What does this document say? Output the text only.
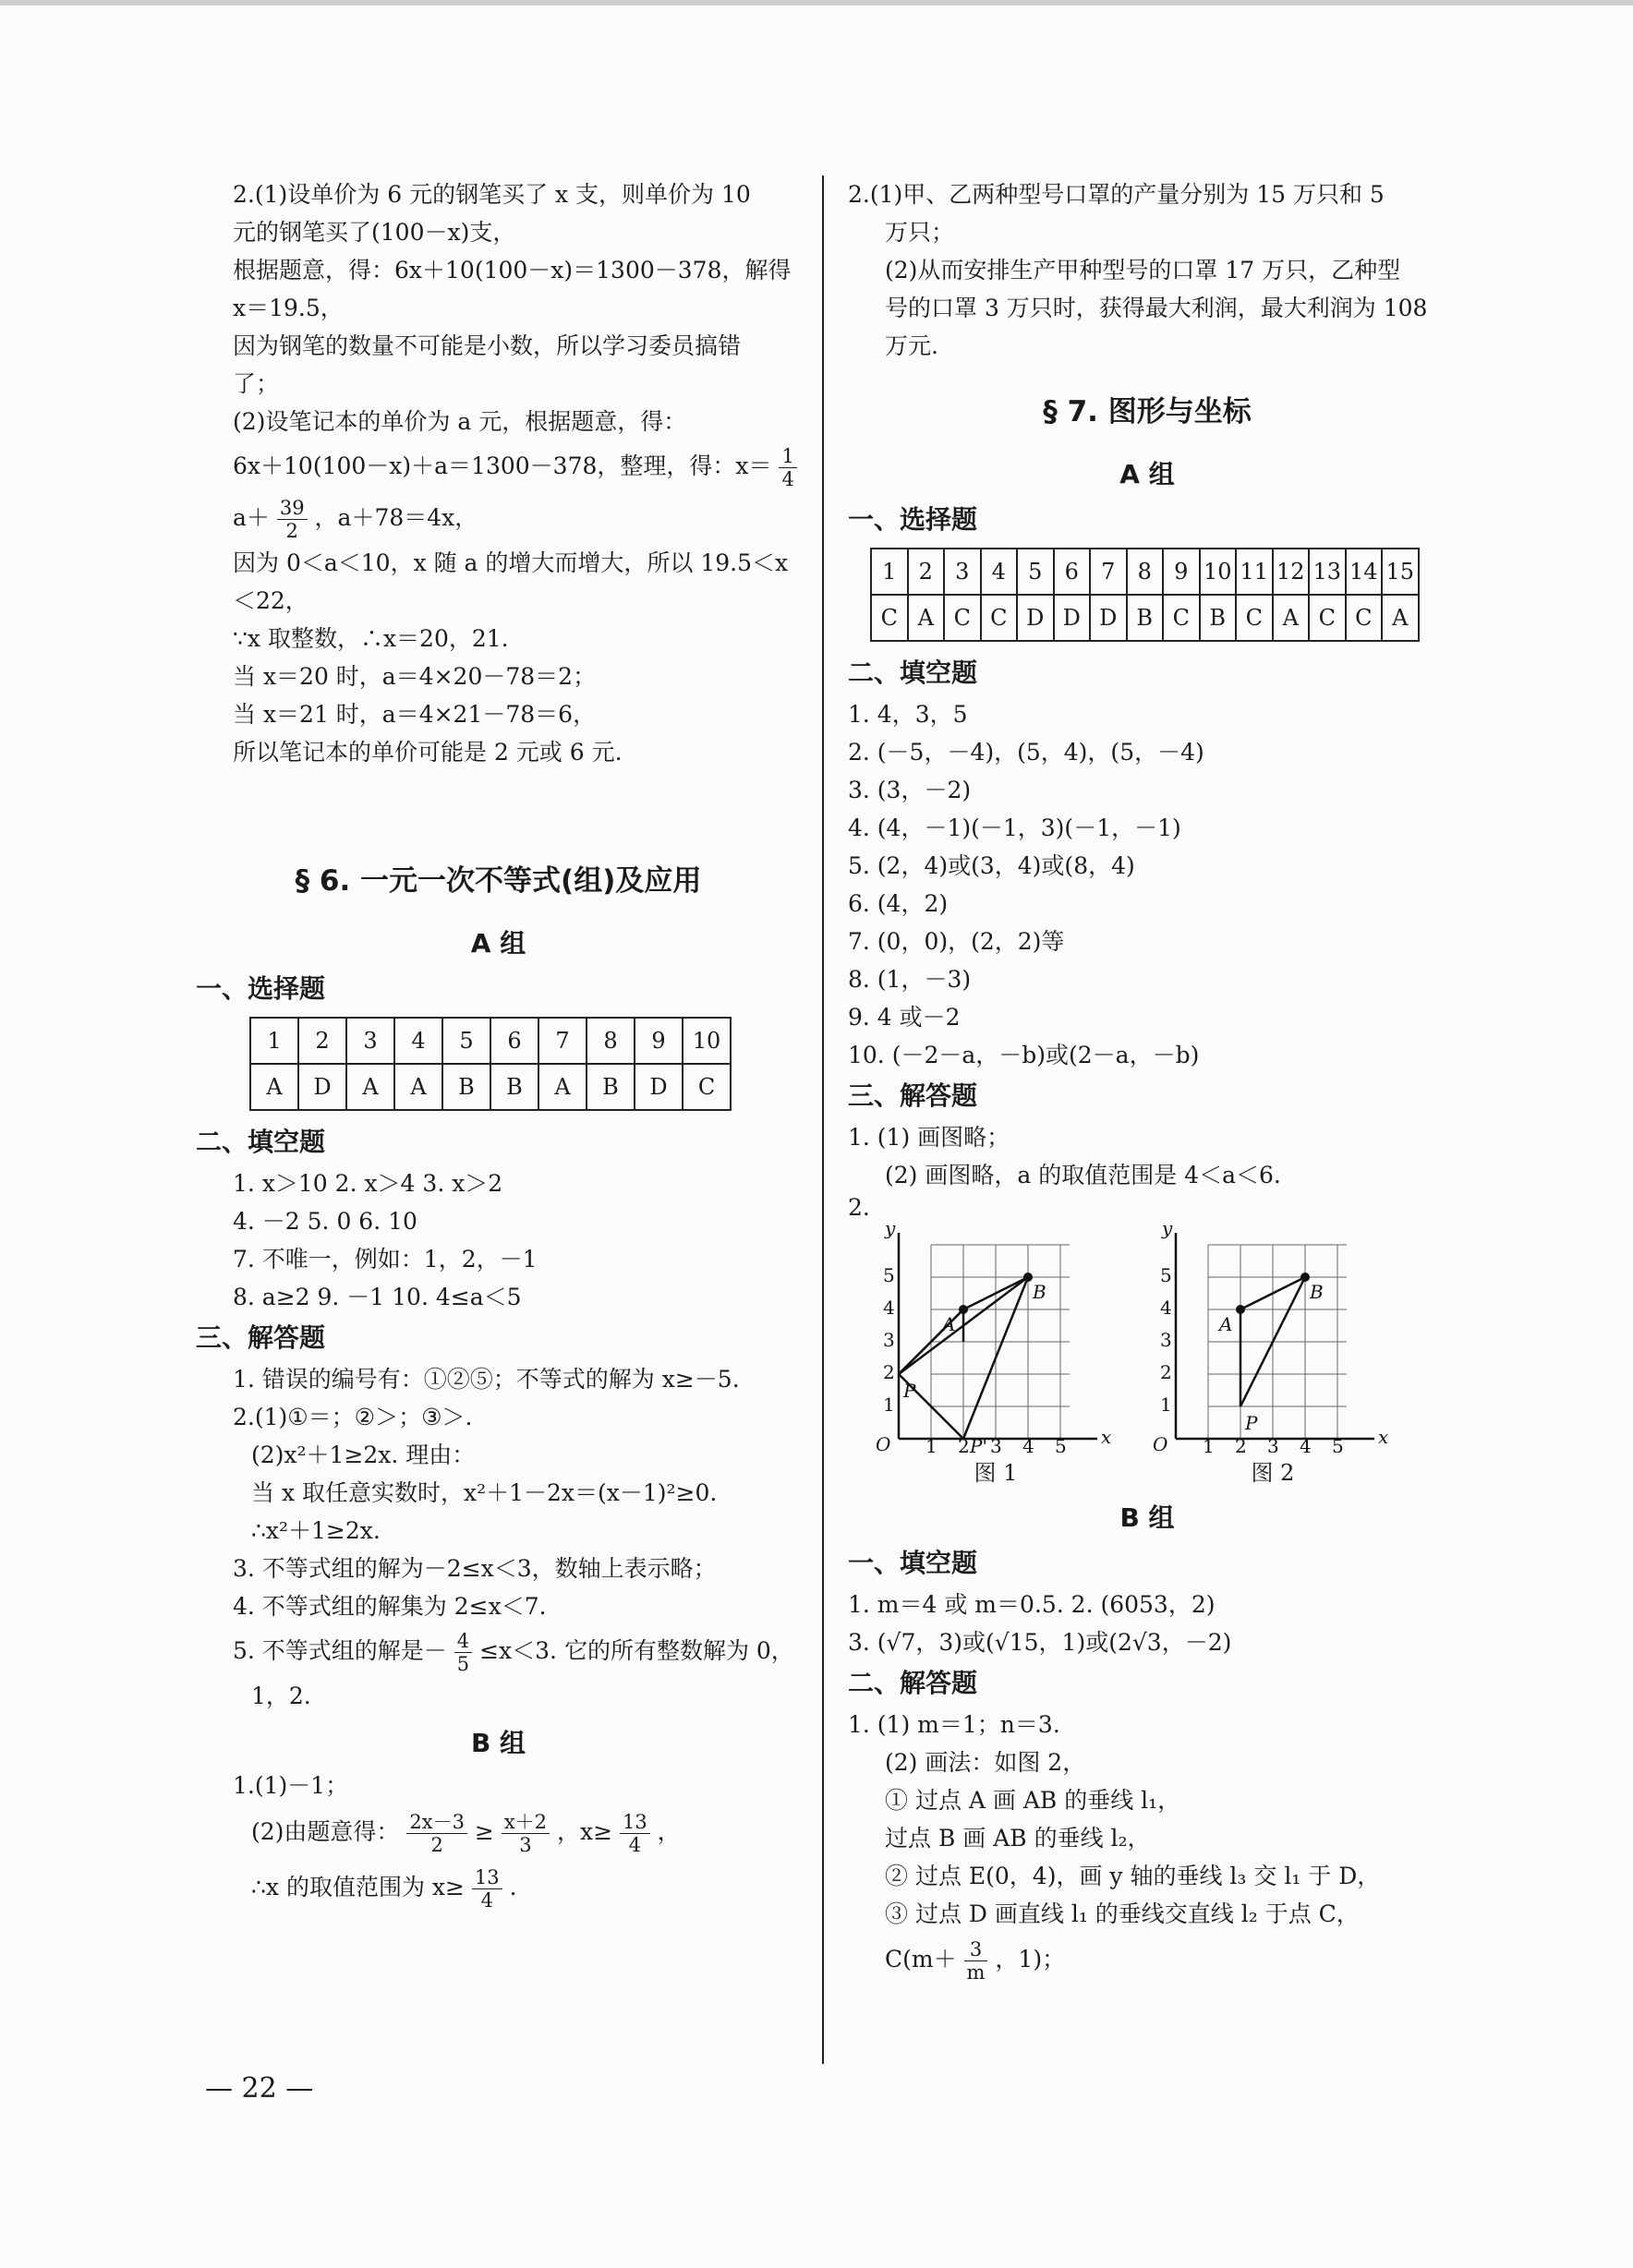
2.(1)设单价为 6 元的钢笔买了 x 支，则单价为 10
元的钢笔买了(100－x)支，
根据题意，得：6x＋10(100－x)＝1300－378，解得
x＝19.5，
因为钢笔的数量不可能是小数，所以学习委员搞错
了；
(2)设笔记本的单价为 a 元，根据题意，得：
6x＋10(100－x)＋a＝1300－378，整理，得：$x= \frac{1}{4}$
$a+ \frac{39}{2}$ ，a＋78＝4x，
因为 0＜a＜10，x 随 a 的增大而增大，所以 19.5＜x
＜22，
∵x 取整数，∴x＝20，21.
当 x＝20 时，a＝4×20－78＝2；
当 x＝21 时，a＝4×21－78＝6，
所以笔记本的单价可能是 2 元或 6 元.
§ 6. 一元一次不等式(组)及应用
A 组
一、选择题
1	2	3	4	5	6	7	8	9	10
A	D	A	A	B	B	A	B	D	C
二、填空题
1. x＞10 2. x＞4 3. x＞2
4. －2 5. 0 6. 10
7. 不唯一，例如：1，2，－1
8. a≥2 9. －1 10. 4≤a＜5
三、解答题
1. 错误的编号有：①②⑤；不等式的解为 x≥－5.
2.(1)①＝；②＞；③＞.
(2)x²＋1≥2x. 理由：
当 x 取任意实数时，x²＋1－2x＝(x－1)²≥0.
∴x²＋1≥2x.
3. 不等式组的解为－2≤x＜3，数轴上表示略；
4. 不等式组的解集为 2≤x＜7.
5. 不等式组的解是－ $\frac{4}{5} \le x<3$. 它的所有整数解为 0，
1，2.
B 组
1.(1)－1；
(2)由题意得： $\frac{2x-3}{2} \ge \frac{x+2}{3}$ ，$x\ge \frac{13}{4}$ ，
∴x 的取值范围为 $x\ge \frac{13}{4}$ .
2.(1)甲、乙两种型号口罩的产量分别为 15 万只和 5
万只；
(2)从而安排生产甲种型号的口罩 17 万只，乙种型
号的口罩 3 万只时，获得最大利润，最大利润为 108
万元.
§ 7. 图形与坐标
A 组
一、选择题
1	2	3	4	5	6	7	8	9	10	11	12	13	14	15
C	A	C	C	D	D	D	B	C	B	C	A	C	C	A
二、填空题
1. 4，3，5
2. (－5，－4)，(5，4)，(5，－4)
3. (3，－2)
4. (4，－1)(－1，3)(－1，－1)
5. (2，4)或(3，4)或(8，4)
6. (4，2)
7. (0，0)，(2，2)等
8. (1，－3)
9. 4 或－2
10. (－2－a，－b)或(2－a，－b)
三、解答题
1. (1) 画图略；
(2) 画图略，a 的取值范围是 4＜a＜6.
2.
y
x
O
A
B
P
P'
1
2
3
4
5
1 2 3 4 5
图 1
y
x
O
A
B
P
1
2
3
4
5
1 2 3 4 5
图 2
B 组
一、填空题
1. m＝4 或 m＝0.5. 2. (6053，2)
3. (√7，3)或(√15，1)或(2√3，－2)
二、解答题
1. (1) m＝1；n＝3.
(2) 画法：如图 2，
① 过点 A 画 AB 的垂线 l₁，
过点 B 画 AB 的垂线 l₂，
② 过点 E(0，4)，画 y 轴的垂线 l₃ 交 l₁ 于 D，
③ 过点 D 画直线 l₁ 的垂线交直线 l₂ 于点 C，
$C(m+ \frac{3}{m}$ ，1)；
— 22 —
